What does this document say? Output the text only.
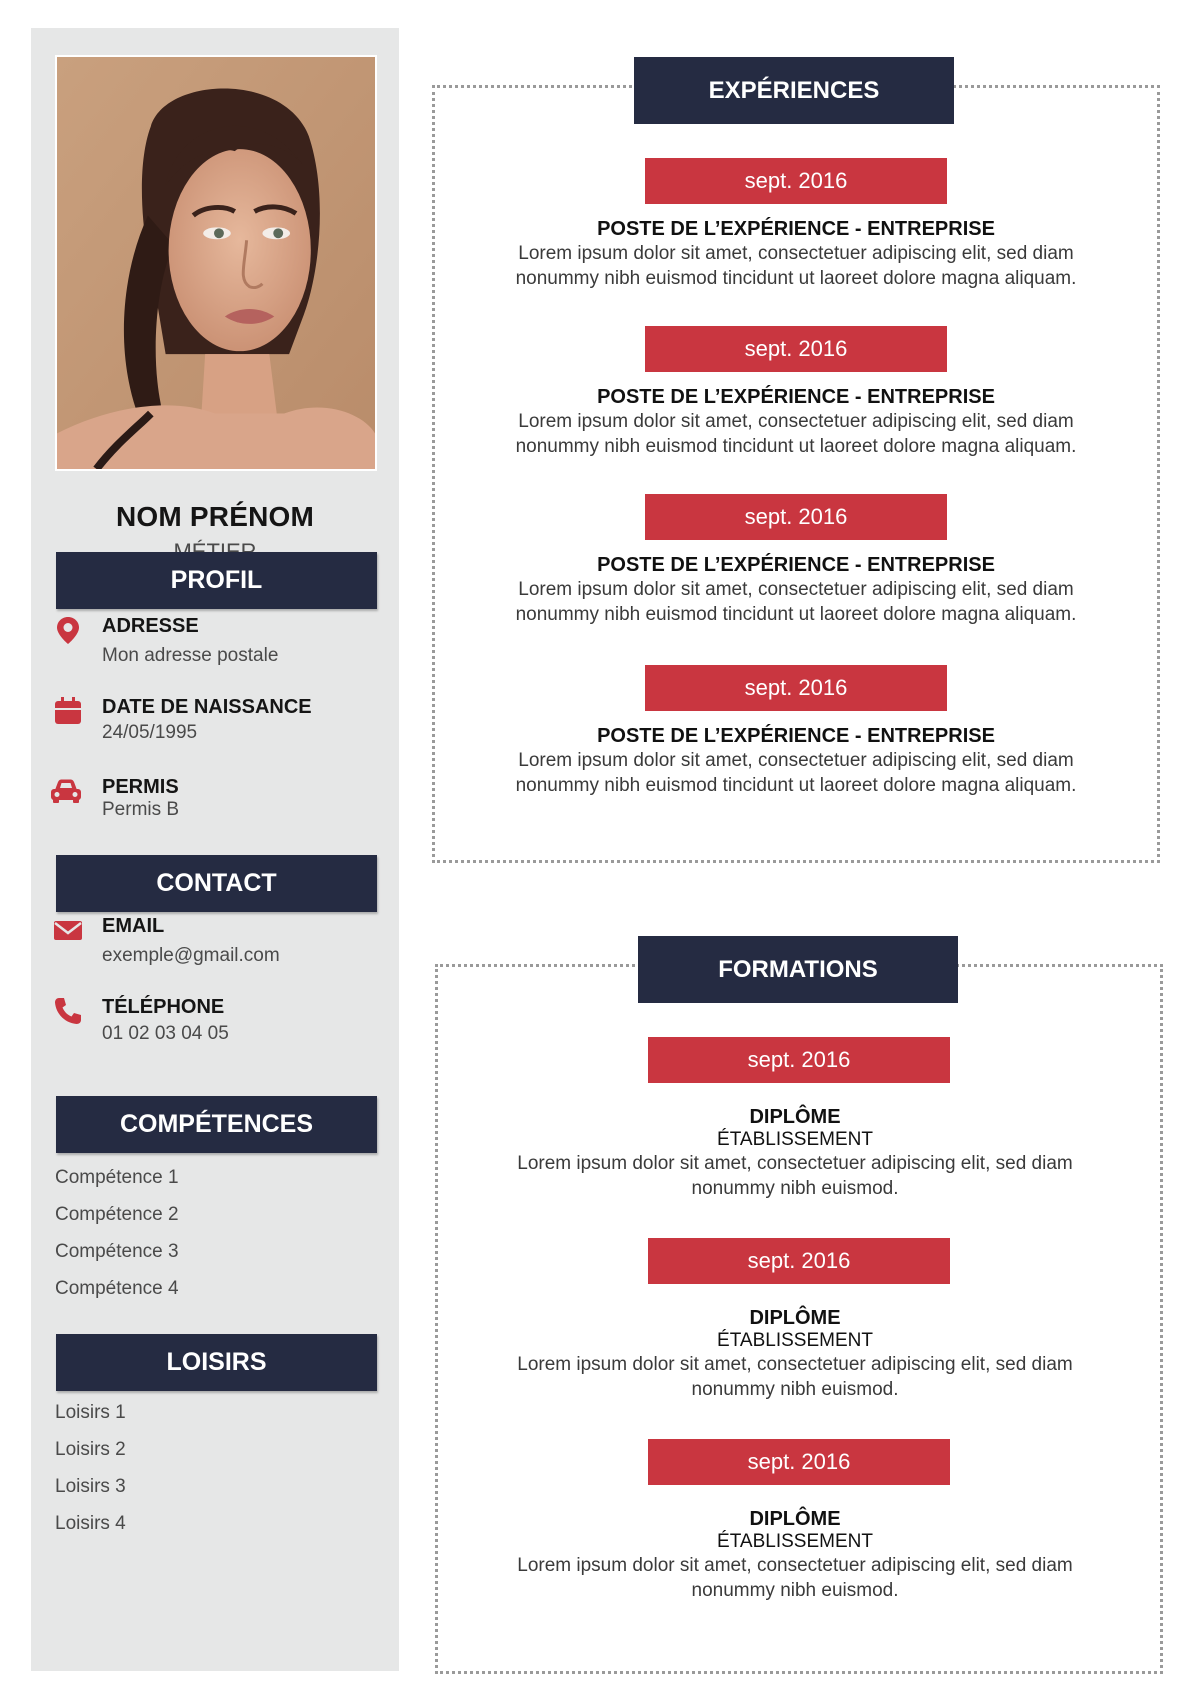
NOM PRÉNOM
PROFIL
ADRESSE
Mon adresse postale
DATE DE NAISSANCE
24/05/1995
PERMIS
Permis B
CONTACT
EMAIL
exemple@gmail.com
TÉLÉPHONE
01 02 03 04 05
COMPÉTENCES
Compétence 1
Compétence 2
Compétence 3
Compétence 4
LOISIRS
Loisirs 1
Loisirs 2
Loisirs 3
Loisirs 4
EXPÉRIENCES
sept. 2016
POSTE DE L’EXPÉRIENCE - ENTREPRISE
Lorem ipsum dolor sit amet, consectetuer adipiscing elit, sed diam
nonummy nibh euismod tincidunt ut laoreet dolore magna aliquam.
sept. 2016
POSTE DE L’EXPÉRIENCE - ENTREPRISE
Lorem ipsum dolor sit amet, consectetuer adipiscing elit, sed diam
nonummy nibh euismod tincidunt ut laoreet dolore magna aliquam.
sept. 2016
POSTE DE L’EXPÉRIENCE - ENTREPRISE
Lorem ipsum dolor sit amet, consectetuer adipiscing elit, sed diam
nonummy nibh euismod tincidunt ut laoreet dolore magna aliquam.
sept. 2016
POSTE DE L’EXPÉRIENCE - ENTREPRISE
Lorem ipsum dolor sit amet, consectetuer adipiscing elit, sed diam
nonummy nibh euismod tincidunt ut laoreet dolore magna aliquam.
FORMATIONS
sept. 2016
DIPLÔME
ÉTABLISSEMENT
Lorem ipsum dolor sit amet, consectetuer adipiscing elit, sed diam
nonummy nibh euismod.
sept. 2016
DIPLÔME
ÉTABLISSEMENT
Lorem ipsum dolor sit amet, consectetuer adipiscing elit, sed diam
nonummy nibh euismod.
sept. 2016
DIPLÔME
ÉTABLISSEMENT
Lorem ipsum dolor sit amet, consectetuer adipiscing elit, sed diam
nonummy nibh euismod.
